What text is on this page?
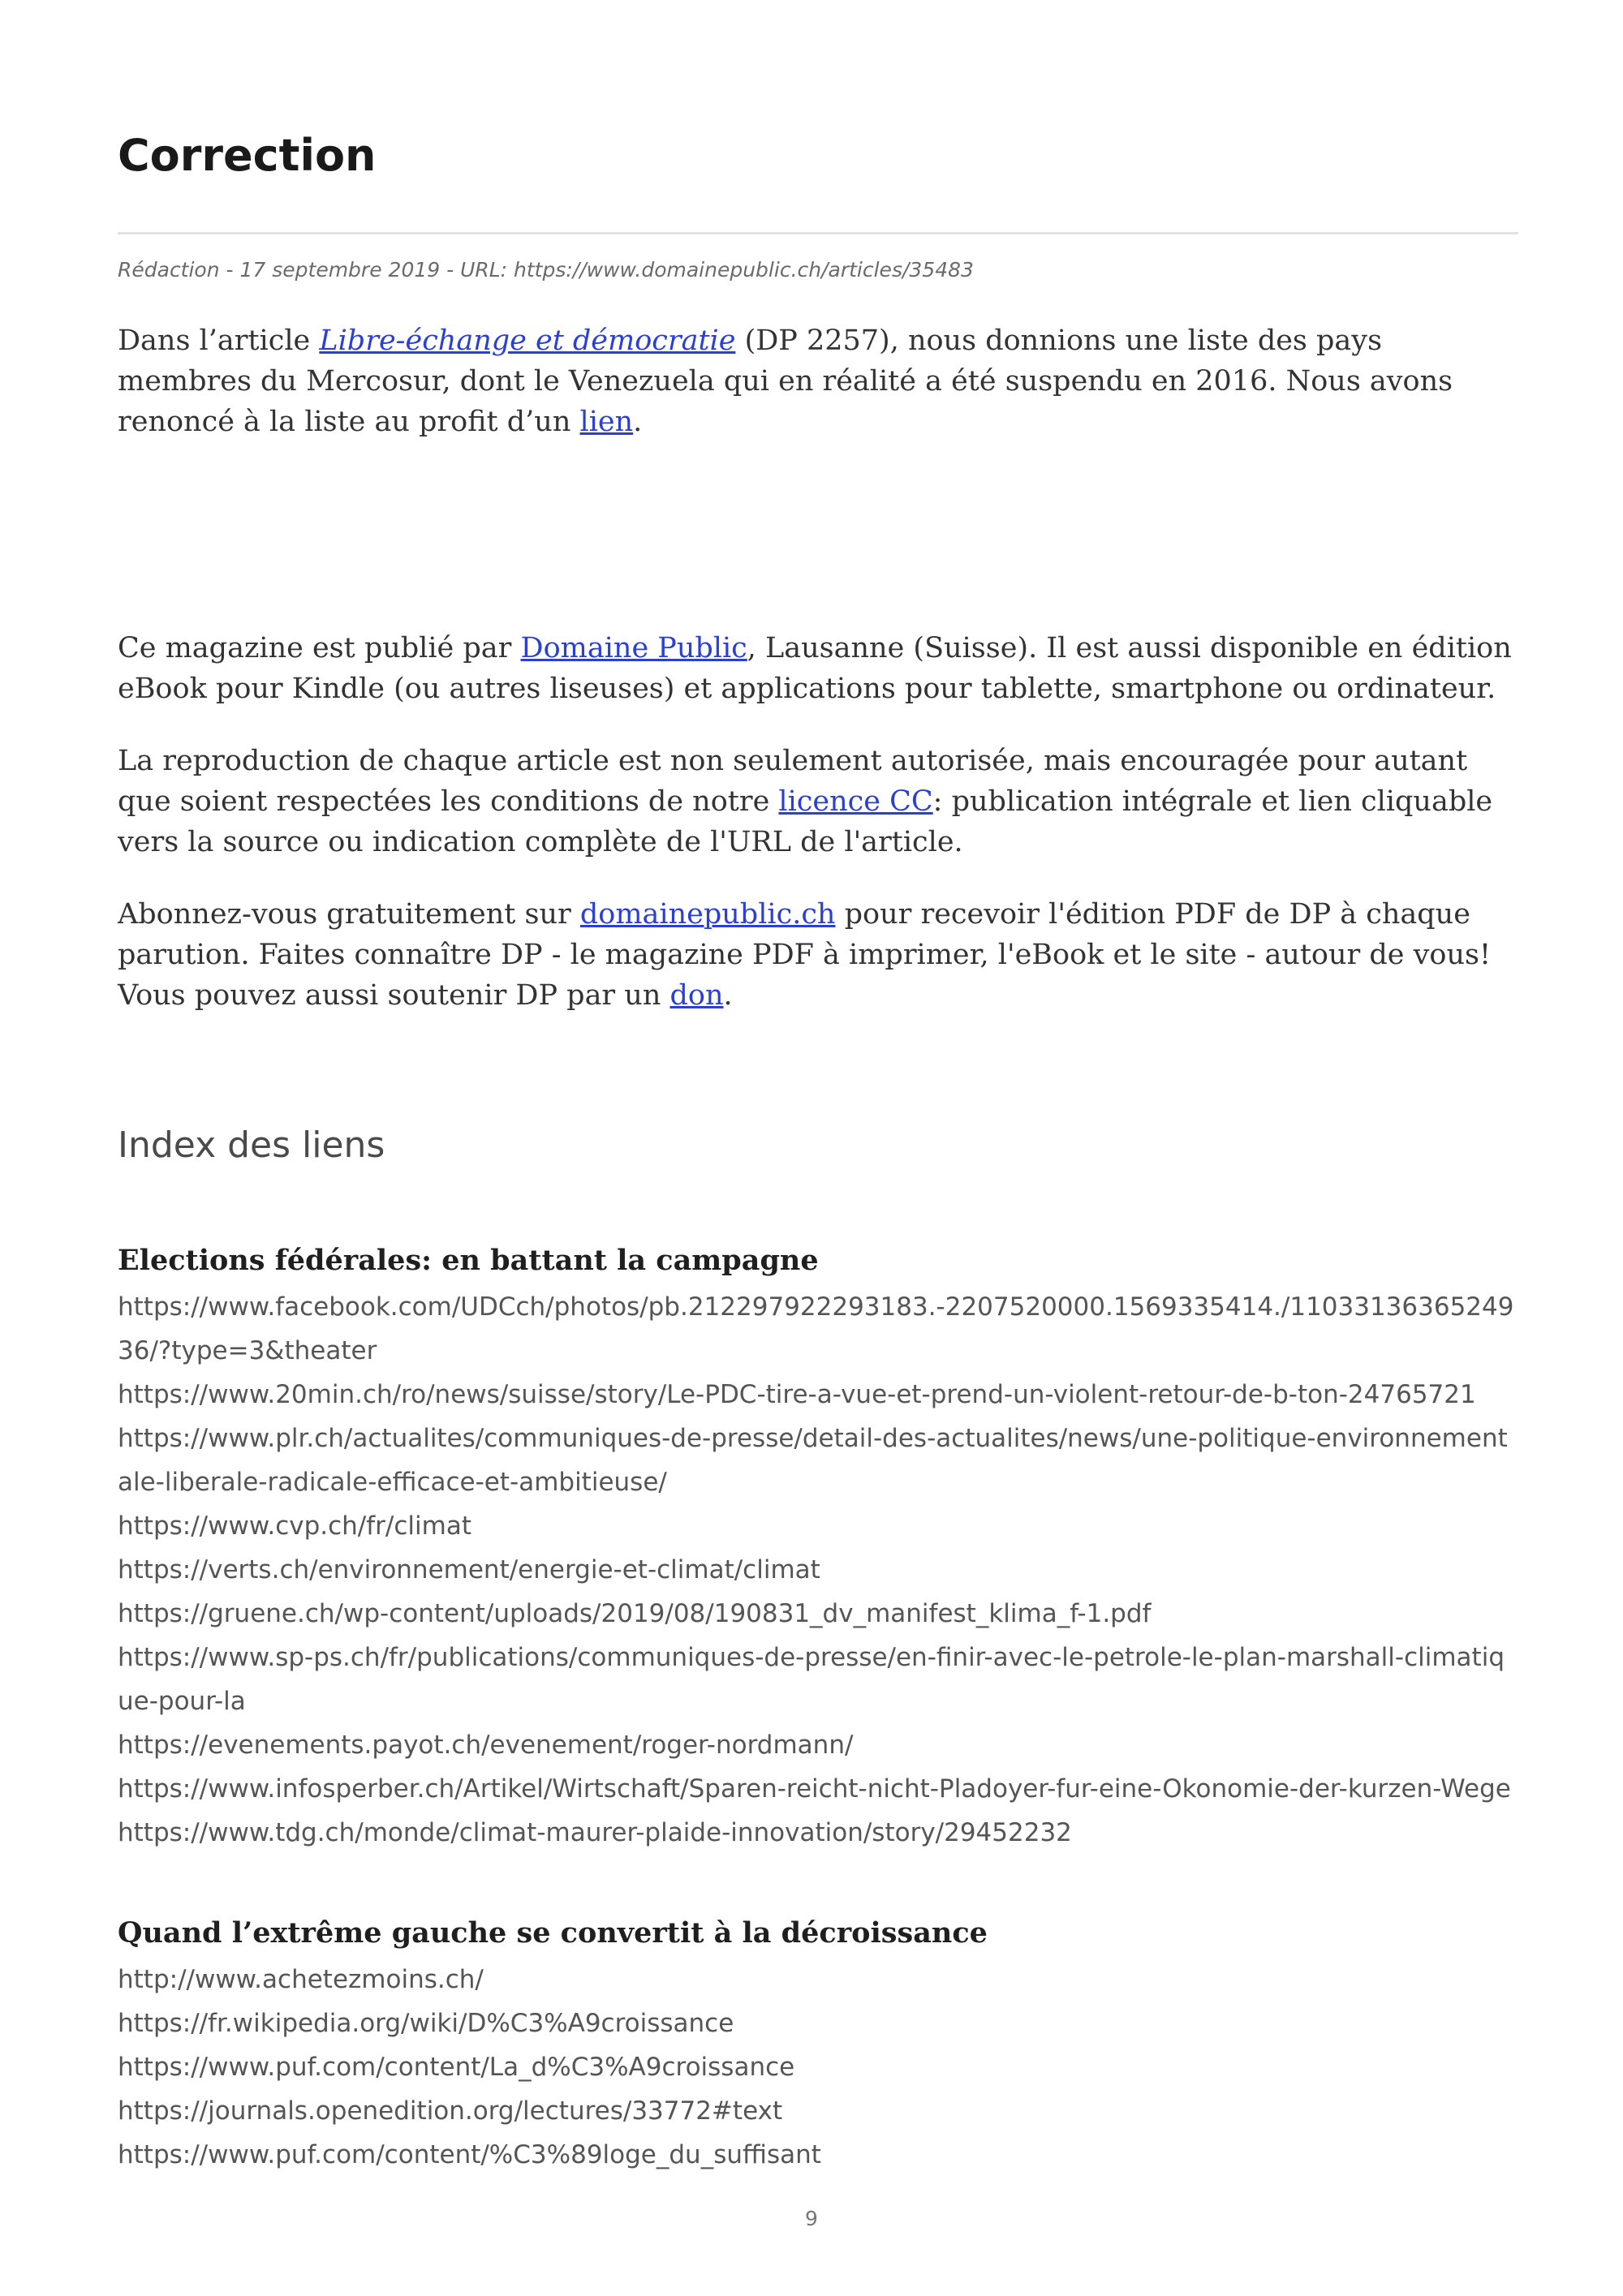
Correction
Rédaction - 17 septembre 2019 - URL: https://www.domainepublic.ch/articles/35483

Dans l’article Libre-échange et démocratie (DP 2257), nous donnions une liste des pays membres du Mercosur, dont le Venezuela qui en réalité a été suspendu en 2016. Nous avons renoncé à la liste au profit d’un lien.

Ce magazine est publié par Domaine Public, Lausanne (Suisse). Il est aussi disponible en édition eBook pour Kindle (ou autres liseuses) et applications pour tablette, smartphone ou ordinateur.

La reproduction de chaque article est non seulement autorisée, mais encouragée pour autant que soient respectées les conditions de notre licence CC: publication intégrale et lien cliquable vers la source ou indication complète de l'URL de l'article.

Abonnez-vous gratuitement sur domainepublic.ch pour recevoir l'édition PDF de DP à chaque parution. Faites connaître DP - le magazine PDF à imprimer, l'eBook et le site - autour de vous! Vous pouvez aussi soutenir DP par un don.

Index des liens
Elections fédérales: en battant la campagne
https://www.facebook.com/UDCch/photos/pb.212297922293183.-2207520000.1569335414./1103313636524936/?type=3&theater
https://www.20min.ch/ro/news/suisse/story/Le-PDC-tire-a-vue-et-prend-un-violent-retour-de-b-ton-24765721
https://www.plr.ch/actualites/communiques-de-presse/detail-des-actualites/news/une-politique-environnementale-liberale-radicale-efficace-et-ambitieuse/
https://www.cvp.ch/fr/climat
https://verts.ch/environnement/energie-et-climat/climat
https://gruene.ch/wp-content/uploads/2019/08/190831_dv_manifest_klima_f-1.pdf
https://www.sp-ps.ch/fr/publications/communiques-de-presse/en-finir-avec-le-petrole-le-plan-marshall-climatique-pour-la
https://evenements.payot.ch/evenement/roger-nordmann/
https://www.infosperber.ch/Artikel/Wirtschaft/Sparen-reicht-nicht-Pladoyer-fur-eine-Okonomie-der-kurzen-Wege
https://www.tdg.ch/monde/climat-maurer-plaide-innovation/story/29452232
Quand l’extrême gauche se convertit à la décroissance
http://www.achetezmoins.ch/
https://fr.wikipedia.org/wiki/D%C3%A9croissance
https://www.puf.com/content/La_d%C3%A9croissance
https://journals.openedition.org/lectures/33772#text
https://www.puf.com/content/%C3%89loge_du_suffisant
9
